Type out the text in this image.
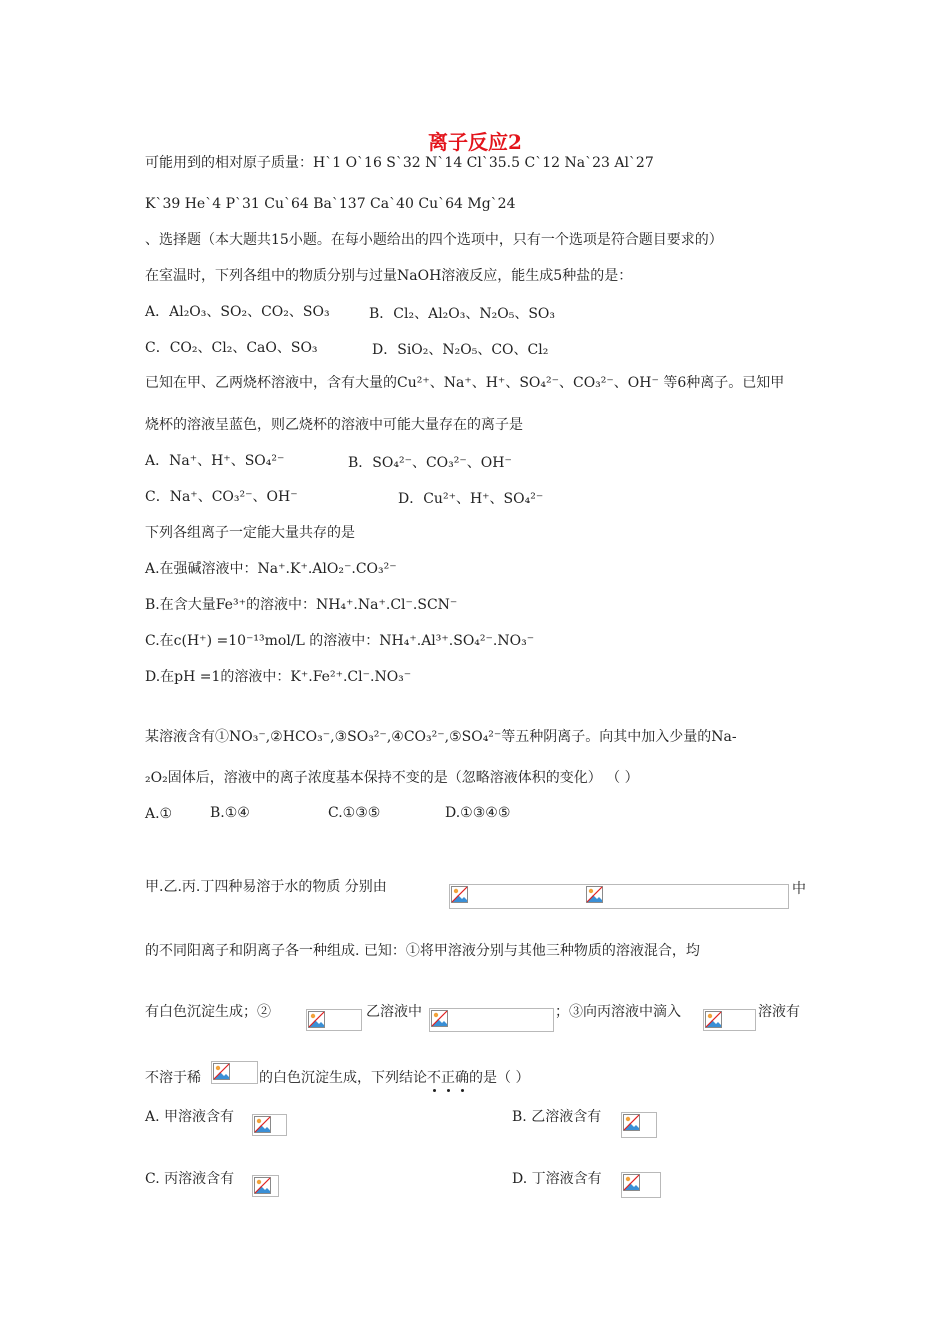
离子反应2
可能用到的相对原子质量：H`1 O`16 S`32 N`14 Cl`35.5 C`12 Na`23 Al`27
K`39 He`4 P`31 Cu`64 Ba`137 Ca`40 Cu`64 Mg`24
、选择题（本大题共15小题。在每小题给出的四个选项中，只有一个选项是符合题目要求的）
在室温时，下列各组中的物质分别与过量NaOH溶液反应，能生成5种盐的是：
A．Al₂O₃、SO₂、CO₂、SO₃	B．Cl₂、Al₂O₃、N₂O₅、SO₃
C．CO₂、Cl₂、CaO、SO₃	D．SiO₂、N₂O₅、CO、Cl₂
已知在甲、乙两烧杯溶液中，含有大量的Cu²⁺、Na⁺、H⁺、SO₄²⁻、CO₃²⁻、OH⁻ 等6种离子。已知甲
烧杯的溶液呈蓝色，则乙烧杯的溶液中可能大量存在的离子是
A．Na⁺、H⁺、SO₄²⁻	B．SO₄²⁻、CO₃²⁻、OH⁻
C．Na⁺、CO₃²⁻、OH⁻	D．Cu²⁺、H⁺、SO₄²⁻
下列各组离子一定能大量共存的是
A.在强碱溶液中：Na⁺.K⁺.AlO₂⁻.CO₃²⁻
B.在含大量Fe³⁺的溶液中：NH₄⁺.Na⁺.Cl⁻.SCN⁻
C.在c(H⁺) =10⁻¹³mol/L 的溶液中：NH₄⁺.Al³⁺.SO₄²⁻.NO₃⁻
D.在pH =1的溶液中：K⁺.Fe²⁺.Cl⁻.NO₃⁻
某溶液含有①NO₃⁻,②HCO₃⁻,③SO₃²⁻,④CO₃²⁻,⑤SO₄²⁻等五种阴离子。向其中加入少量的Na-
₂O₂固体后，溶液中的离子浓度基本保持不变的是（忽略溶液体积的变化） （ ）
A.①	B.①④	C.①③⑤	D.①③④⑤
甲.乙.丙.丁四种易溶于水的物质 分别由	中
的不同阳离子和阴离子各一种组成. 已知：①将甲溶液分别与其他三种物质的溶液混合，均
有白色沉淀生成；②	乙溶液中	；③向丙溶液中滴入	溶液有
不溶于稀	的白色沉淀生成，下列结论不正确的是（ ）
A. 甲溶液含有	B. 乙溶液含有
C. 丙溶液含有	D. 丁溶液含有
